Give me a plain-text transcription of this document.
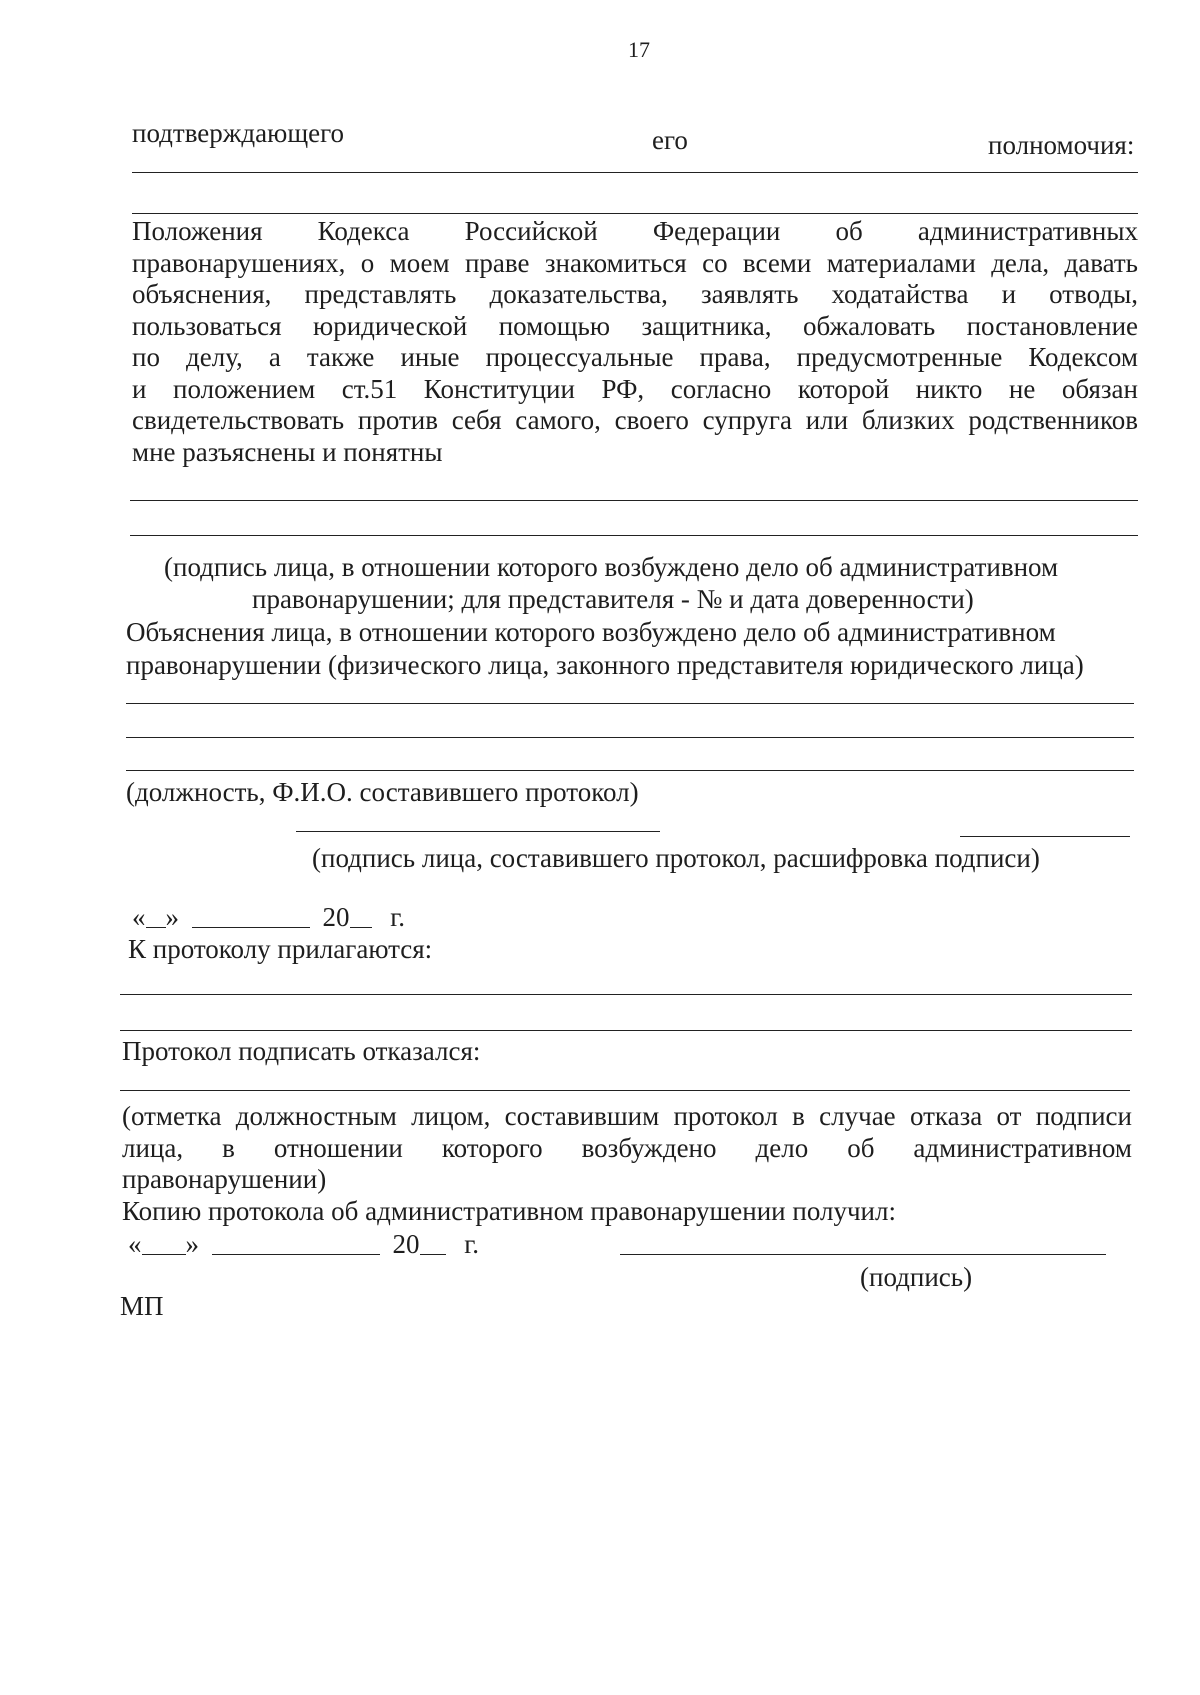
17
подтверждающего	его	полномочия:
Положения Кодекса Российской Федерации об административных
правонарушениях, о моем праве знакомиться со всеми материалами дела, давать
объяснения, представлять доказательства, заявлять ходатайства и отводы,
пользоваться юридической помощью защитника, обжаловать постановление
по делу, а также иные процессуальные права, предусмотренные Кодексом
и положением ст.51 Конституции РФ, согласно которой никто не обязан
свидетельствовать против себя самого, своего супруга или близких родственников
мне разъяснены и понятны
(подпись лица, в отношении которого возбуждено дело об административном
правонарушении; для представителя - № и дата доверенности)
Объяснения лица, в отношении которого возбуждено дело об административном
правонарушении (физического лица, законного представителя юридического лица)
(должность, Ф.И.О. составившего протокол)
(подпись лица, составившего протокол, расшифровка подписи)
« »	20 г.
К протоколу прилагаются:
Протокол подписать отказался:
(отметка должностным лицом, составившим протокол в случае отказа от подписи
лица, в отношении которого возбуждено дело об административном
правонарушении)
Копию протокола об административном правонарушении получил:
« »	20 г.
(подпись)
МП
